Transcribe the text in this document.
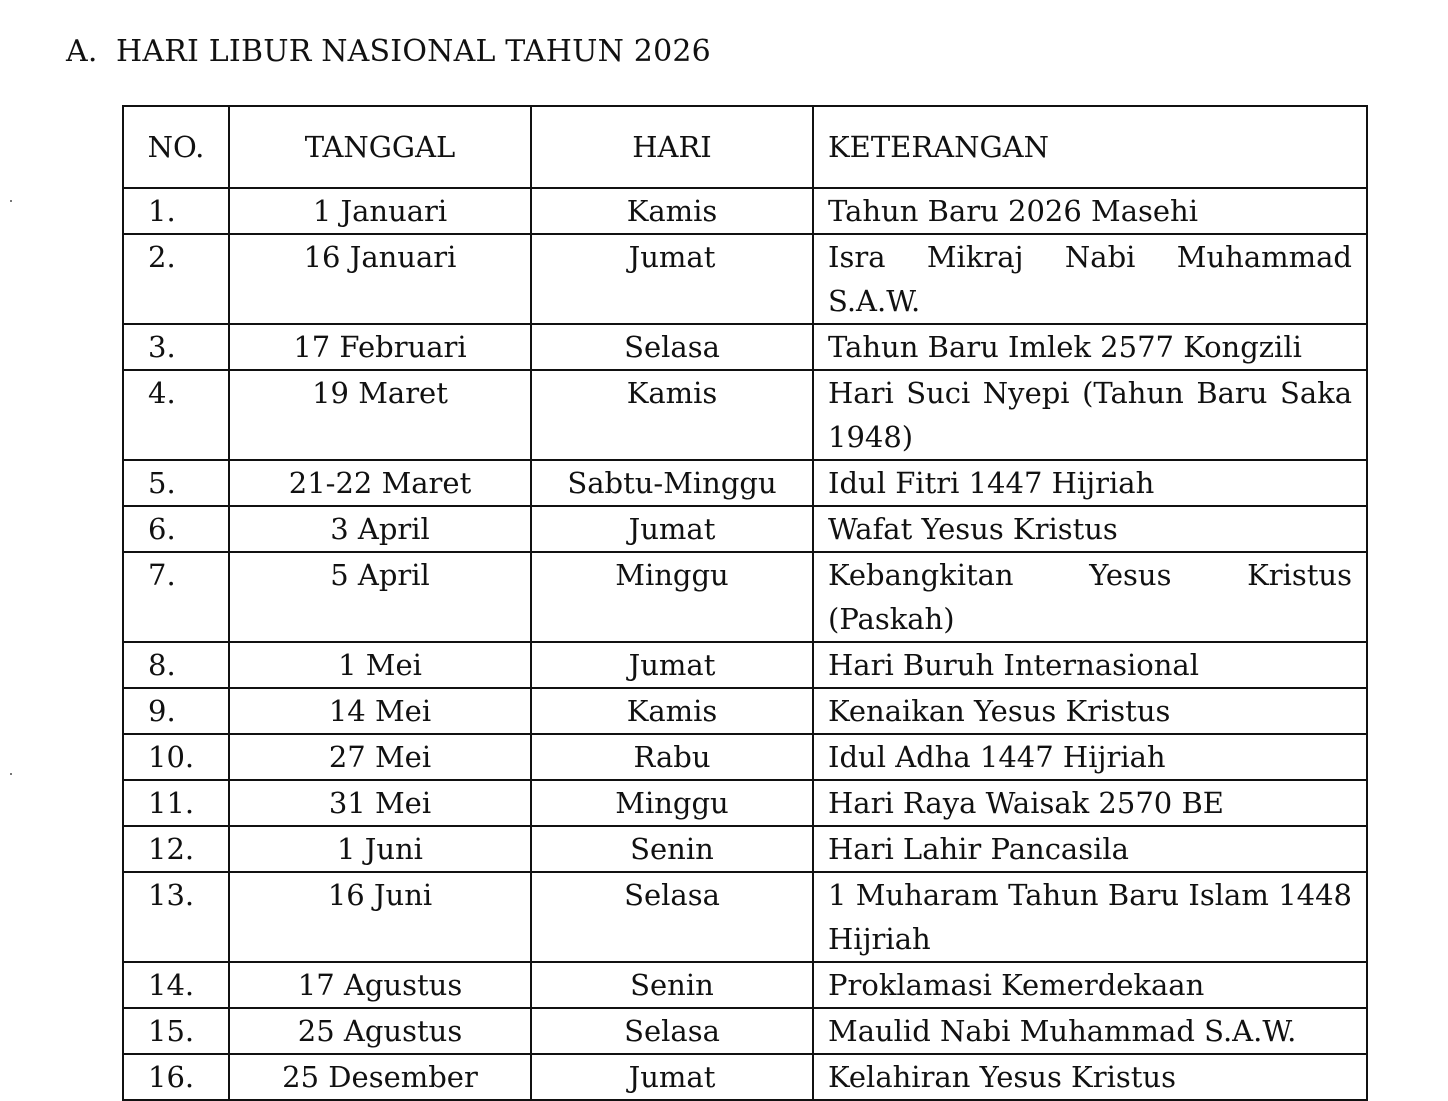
A. HARI LIBUR NASIONAL TAHUN 2026
NO.	TANGGAL	HARI	KETERANGAN
1.	1 Januari	Kamis	Tahun Baru 2026 Masehi
2.	16 Januari	Jumat	Isra Mikraj Nabi Muhammad S.A.W.
3.	17 Februari	Selasa	Tahun Baru Imlek 2577 Kongzili
4.	19 Maret	Kamis	Hari Suci Nyepi (Tahun Baru Saka 1948)
5.	21-22 Maret	Sabtu-Minggu	Idul Fitri 1447 Hijriah
6.	3 April	Jumat	Wafat Yesus Kristus
7.	5 April	Minggu	Kebangkitan Yesus Kristus (Paskah)
8.	1 Mei	Jumat	Hari Buruh Internasional
9.	14 Mei	Kamis	Kenaikan Yesus Kristus
10.	27 Mei	Rabu	Idul Adha 1447 Hijriah
11.	31 Mei	Minggu	Hari Raya Waisak 2570 BE
12.	1 Juni	Senin	Hari Lahir Pancasila
13.	16 Juni	Selasa	1 Muharam Tahun Baru Islam 1448 Hijriah
14.	17 Agustus	Senin	Proklamasi Kemerdekaan
15.	25 Agustus	Selasa	Maulid Nabi Muhammad S.A.W.
16.	25 Desember	Jumat	Kelahiran Yesus Kristus
